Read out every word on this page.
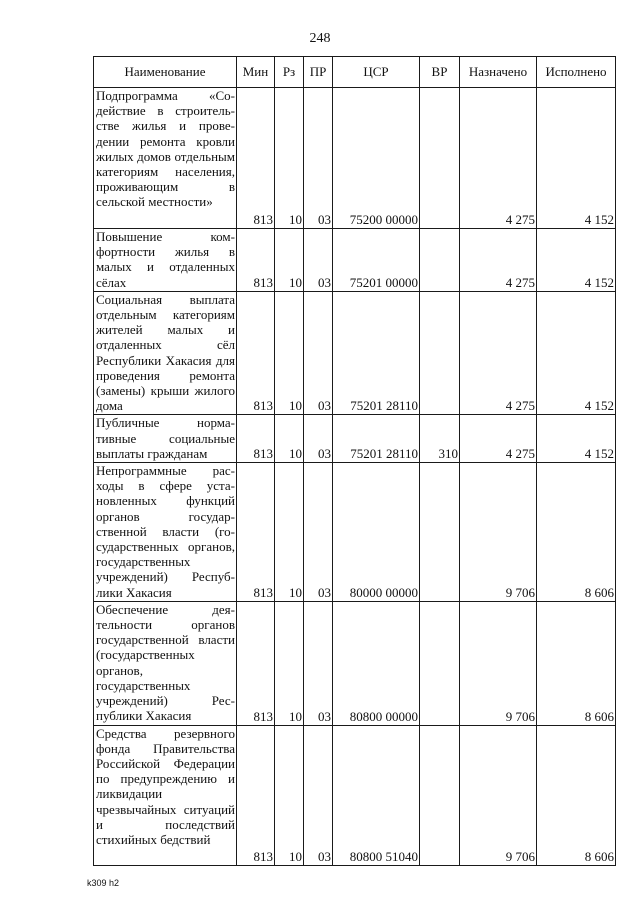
248
Наименование	Мин	Рз	ПР	ЦСР	ВР	Назначено	Исполнено
Подпрограмма «Содействие в строительстве жилья и проведении ремонта кровли жилых домов отдельным категориям населения, проживающим в сельской местности»	813	10	03	75200 00000		4 275	4 152
Повышение комфортности жилья в малых и отдаленных сёлах	813	10	03	75201 00000		4 275	4 152
Социальная выплата отдельным категориям жителей малых и отдаленных сёл Республики Хакасия для проведения ремонта (замены) крыши жилого дома	813	10	03	75201 28110		4 275	4 152
Публичные нормативные социальные выплаты гражданам	813	10	03	75201 28110	310	4 275	4 152
Непрограммные расходы в сфере установленных функций органов государственной власти (государственных органов, государственных учреждений) Республики Хакасия	813	10	03	80000 00000		9 706	8 606
Обеспечение деятельности органов государственной власти (государственных органов, государственных учреждений) Республики Хакасия	813	10	03	80800 00000		9 706	8 606
Средства резервного фонда Правительства Российской Федерации по предупреждению и ликвидации чрезвычайных ситуаций и последствий стихийных бедствий	813	10	03	80800 51040		9 706	8 606
k309 h2
